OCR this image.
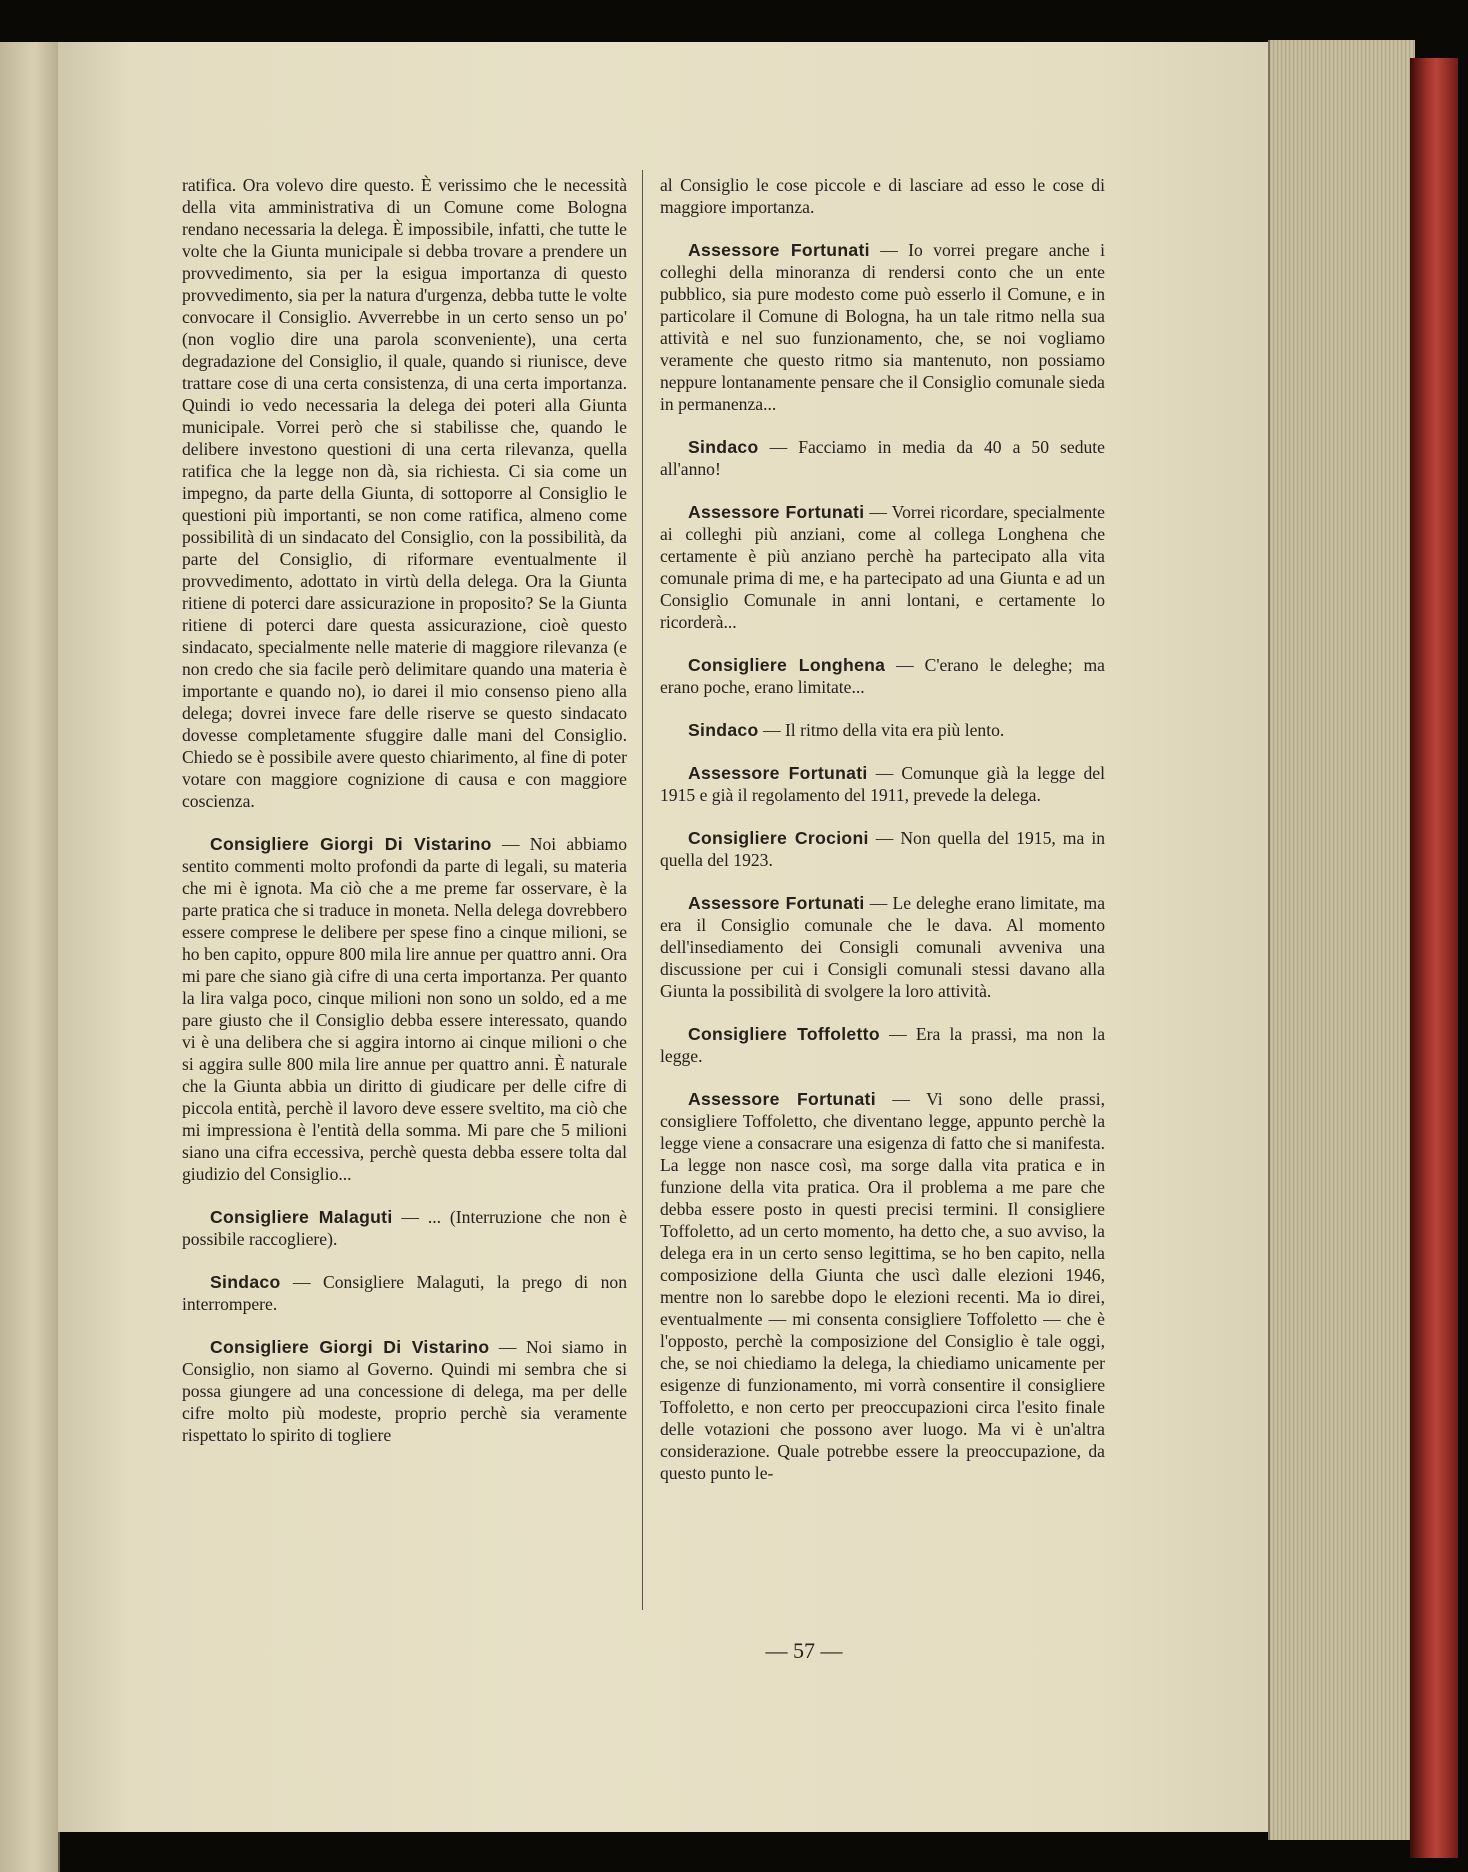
ratifica. Ora volevo dire questo. È verissimo che le necessità della vita amministrativa di un Comune come Bologna rendano necessaria la delega. È impossibile, infatti, che tutte le volte che la Giunta municipale si debba trovare a prendere un provvedimento, sia per la esigua importanza di questo provvedimento, sia per la natura d'urgenza, debba tutte le volte convocare il Consiglio. Avverrebbe in un certo senso un po' (non voglio dire una parola sconveniente), una certa degradazione del Consiglio, il quale, quando si riunisce, deve trattare cose di una certa consistenza, di una certa importanza. Quindi io vedo necessaria la delega dei poteri alla Giunta municipale. Vorrei però che si stabilisse che, quando le delibere investono questioni di una certa rilevanza, quella ratifica che la legge non dà, sia richiesta. Ci sia come un impegno, da parte della Giunta, di sottoporre al Consiglio le questioni più importanti, se non come ratifica, almeno come possibilità di un sindacato del Consiglio, con la possibilità, da parte del Consiglio, di riformare eventualmente il provvedimento, adottato in virtù della delega. Ora la Giunta ritiene di poterci dare assicurazione in proposito? Se la Giunta ritiene di poterci dare questa assicurazione, cioè questo sindacato, specialmente nelle materie di maggiore rilevanza (e non credo che sia facile però delimitare quando una materia è importante e quando no), io darei il mio consenso pieno alla delega; dovrei invece fare delle riserve se questo sindacato dovesse completamente sfuggire dalle mani del Consiglio. Chiedo se è possibile avere questo chiarimento, al fine di poter votare con maggiore cognizione di causa e con maggiore coscienza.

Consigliere Giorgi Di Vistarino — Noi abbiamo sentito commenti molto profondi da parte di legali, su materia che mi è ignota. Ma ciò che a me preme far osservare, è la parte pratica che si traduce in moneta. Nella delega dovrebbero essere comprese le delibere per spese fino a cinque milioni, se ho ben capito, oppure 800 mila lire annue per quattro anni. Ora mi pare che siano già cifre di una certa importanza. Per quanto la lira valga poco, cinque milioni non sono un soldo, ed a me pare giusto che il Consiglio debba essere interessato, quando vi è una delibera che si aggira intorno ai cinque milioni o che si aggira sulle 800 mila lire annue per quattro anni. È naturale che la Giunta abbia un diritto di giudicare per delle cifre di piccola entità, perchè il lavoro deve essere sveltito, ma ciò che mi impressiona è l'entità della somma. Mi pare che 5 milioni siano una cifra eccessiva, perchè questa debba essere tolta dal giudizio del Consiglio...

Consigliere Malaguti — ... (Interruzione che non è possibile raccogliere).

Sindaco — Consigliere Malaguti, la prego di non interrompere.

Consigliere Giorgi Di Vistarino — Noi siamo in Consiglio, non siamo al Governo. Quindi mi sembra che si possa giungere ad una concessione di delega, ma per delle cifre molto più modeste, proprio perchè sia veramente rispettato lo spirito di togliere

al Consiglio le cose piccole e di lasciare ad esso le cose di maggiore importanza.

Assessore Fortunati — Io vorrei pregare anche i colleghi della minoranza di rendersi conto che un ente pubblico, sia pure modesto come può esserlo il Comune, e in particolare il Comune di Bologna, ha un tale ritmo nella sua attività e nel suo funzionamento, che, se noi vogliamo veramente che questo ritmo sia mantenuto, non possiamo neppure lontanamente pensare che il Consiglio comunale sieda in permanenza...

Sindaco — Facciamo in media da 40 a 50 sedute all'anno!

Assessore Fortunati — Vorrei ricordare, specialmente ai colleghi più anziani, come al collega Longhena che certamente è più anziano perchè ha partecipato alla vita comunale prima di me, e ha partecipato ad una Giunta e ad un Consiglio Comunale in anni lontani, e certamente lo ricorderà...

Consigliere Longhena — C'erano le deleghe; ma erano poche, erano limitate...

Sindaco — Il ritmo della vita era più lento.

Assessore Fortunati — Comunque già la legge del 1915 e già il regolamento del 1911, prevede la delega.

Consigliere Crocioni — Non quella del 1915, ma in quella del 1923.

Assessore Fortunati — Le deleghe erano limitate, ma era il Consiglio comunale che le dava. Al momento dell'insediamento dei Consigli comunali avveniva una discussione per cui i Consigli comunali stessi davano alla Giunta la possibilità di svolgere la loro attività.

Consigliere Toffoletto — Era la prassi, ma non la legge.

Assessore Fortunati — Vi sono delle prassi, consigliere Toffoletto, che diventano legge, appunto perchè la legge viene a consacrare una esigenza di fatto che si manifesta. La legge non nasce così, ma sorge dalla vita pratica e in funzione della vita pratica. Ora il problema a me pare che debba essere posto in questi precisi termini. Il consigliere Toffoletto, ad un certo momento, ha detto che, a suo avviso, la delega era in un certo senso legittima, se ho ben capito, nella composizione della Giunta che uscì dalle elezioni 1946, mentre non lo sarebbe dopo le elezioni recenti. Ma io direi, eventualmente — mi consenta consigliere Toffoletto — che è l'opposto, perchè la composizione del Consiglio è tale oggi, che, se noi chiediamo la delega, la chiediamo unicamente per esigenze di funzionamento, mi vorrà consentire il consigliere Toffoletto, e non certo per preoccupazioni circa l'esito finale delle votazioni che possono aver luogo. Ma vi è un'altra considerazione. Quale potrebbe essere la preoccupazione, da questo punto le-

— 57 —
